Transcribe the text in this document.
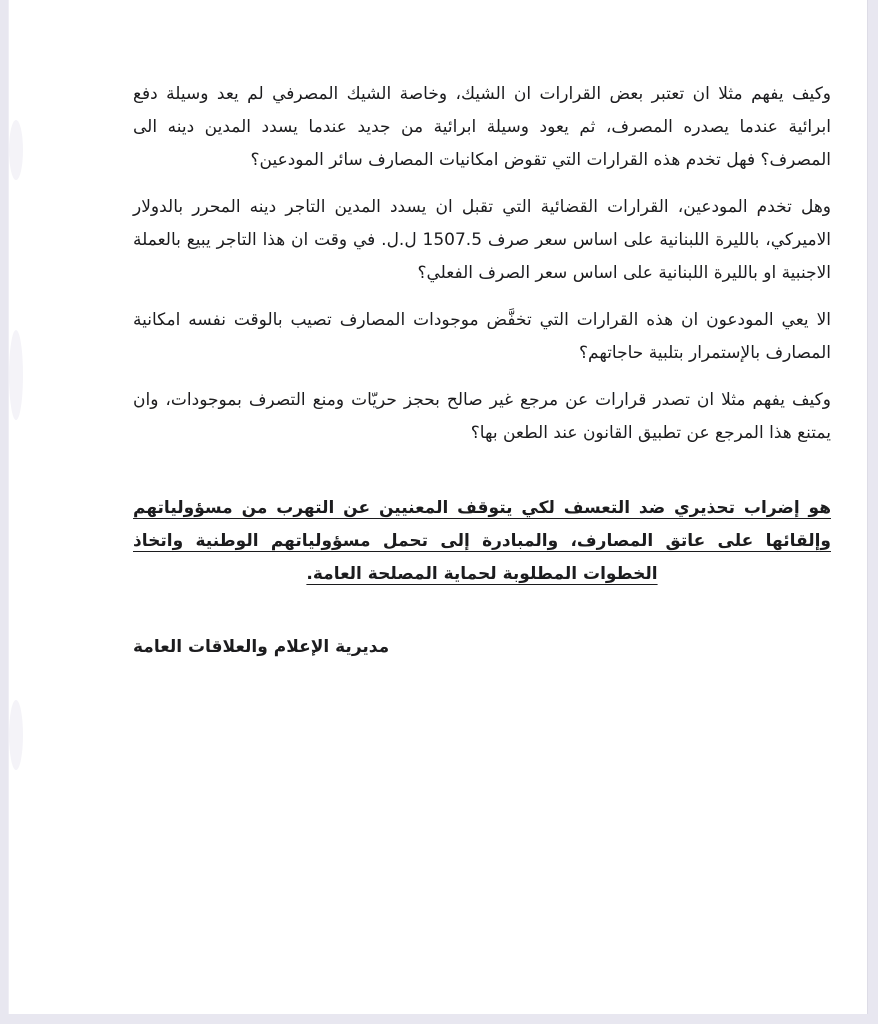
وكيف يفهم مثلا ان تعتبر بعض القرارات ان الشيك، وخاصة الشيك المصرفي لم يعد وسيلة دفع ابرائية عندما يصدره المصرف، ثم يعود وسيلة ابرائية من جديد عندما يسدد المدين دينه الى المصرف؟ فهل تخدم هذه القرارات التي تقوض امكانيات المصارف سائر المودعين؟

وهل تخدم المودعين، القرارات القضائية التي تقبل ان يسدد المدين التاجر دينه المحرر بالدولار الاميركي، بالليرة اللبنانية على اساس سعر صرف 1507.5 ل.ل. في وقت ان هذا التاجر يبيع بالعملة الاجنبية او بالليرة اللبنانية على اساس سعر الصرف الفعلي؟

الا يعي المودعون ان هذه القرارات التي تخفَّض موجودات المصارف تصيب بالوقت نفسه امكانية المصارف بالإستمرار بتلبية حاجاتهم؟

وكيف يفهم مثلا ان تصدر قرارات عن مرجع غير صالح بحجز حريّات ومنع التصرف بموجودات، وان يمتنع هذا المرجع عن تطبيق القانون عند الطعن بها؟

هو إضراب تحذيري ضد التعسف لكي يتوقف المعنيين عن التهرب من مسؤولياتهم وإلقائها على عاتق المصارف، والمبادرة إلى تحمل مسؤولياتهم الوطنية واتخاذ الخطوات المطلوبة لحماية المصلحة العامة.

مديرية الإعلام والعلاقات العامة
